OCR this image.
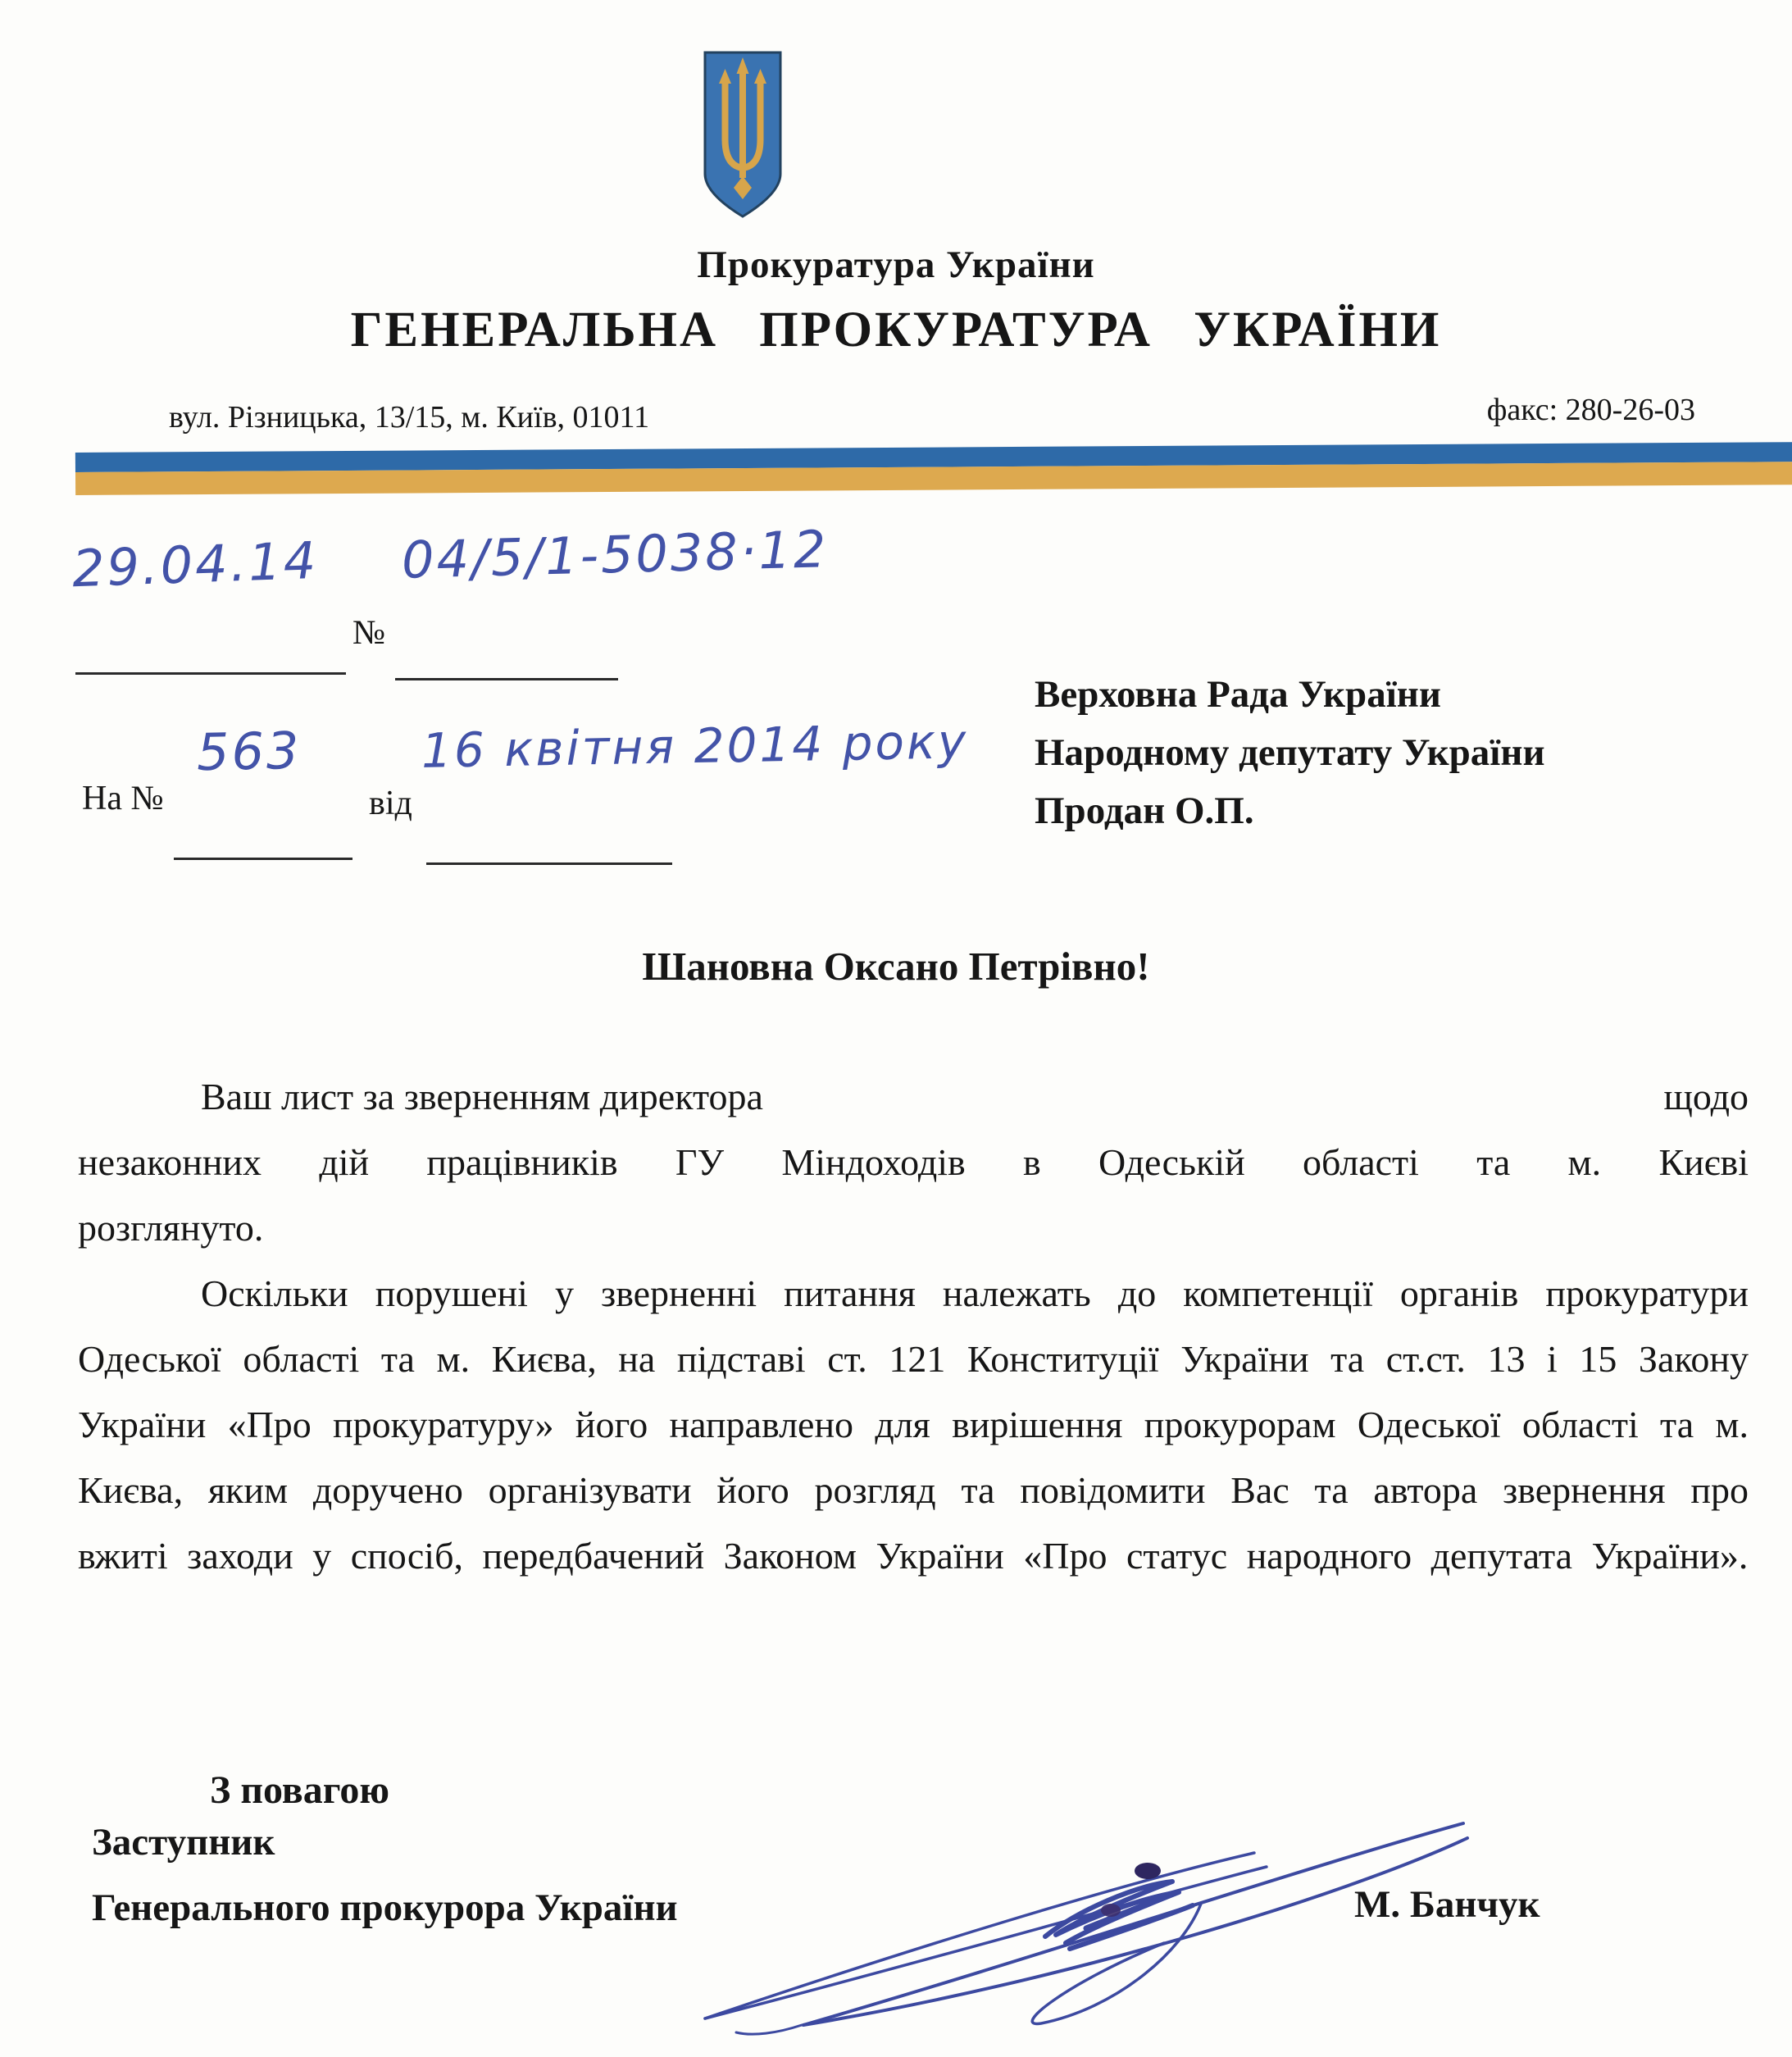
Прокуратура України
ГЕНЕРАЛЬНА ПРОКУРАТУРА УКРАЇНИ
вул. Різницька, 13/15, м. Київ, 01011	факс: 280-26-03
29.04.14
№
04/5/1-5038·12
На №
563
від
16 квітня 2014 року
Верховна Рада України
Народному депутату України
Продан О.П.
Шановна Оксано Петрівно!
Ваш лист за зверненням директора	щодо
незаконних дій працівників ГУ Міндоходів в Одеській області та м. Києві
розглянуто.
Оскільки порушені у зверненні питання належать до компетенції органів прокуратури Одеської області та м. Києва, на підставі ст. 121 Конституції України та ст.ст. 13 і 15 Закону України «Про прокуратуру» його направлено для вирішення прокурорам Одеської області та м. Києва, яким доручено організувати його розгляд та повідомити Вас та автора звернення про вжиті заходи у спосіб, передбачений Законом України «Про статус народного депутата України».
З повагою
Заступник
Генерального прокурора України	М. Банчук
